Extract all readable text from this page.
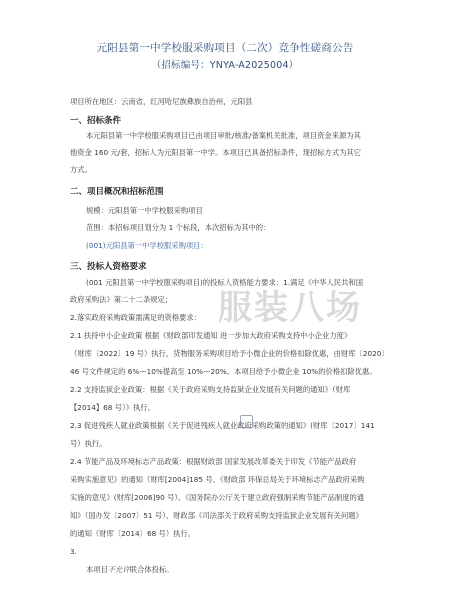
元阳县第一中学校服采购项目（二次）竞争性磋商公告
（招标编号：YNYA-A2025004）
项目所在地区：云南省，红河哈尼族彝族自治州，元阳县
一、招标条件
本元阳县第一中学校服采购项目已由项目审批/核准/备案机关批准，项目资金来源为其
他资金 160 元/套，招标人为元阳县第一中学。本项目已具备招标条件，现招标方式为其它
方式。
二、项目概况和招标范围
规模：元阳县第一中学校服采购项目
范围：本招标项目划分为 1 个标段，本次招标为其中的：
(001)元阳县第一中学校服采购项目：
三、投标人资格要求
(001 元阳县第一中学校服采购项目)的投标人资格能力要求：1.满足《中华人民共和国
政府采购法》第二十二条规定；
2.落实政府采购政策需满足的资格要求：
2.1 扶持中小企业政策 根据《财政部印发通知 进一步加大政府采购支持中小企业力度》
（财库〔2022〕19 号）执行，货物服务采购项目给予小微企业的价格扣除优惠，由财库〔2020〕
46 号文件规定的 6%—10%提高至 10%—20%。本项目给予小微企业 10%的价格扣除优惠。
2.2 支持监狱企业政策：根据《关于政府采购支持监狱企业发展有关问题的通知》（财库
【2014】68 号）》执行。
2.3 促进残疾人就业政策根据《关于促进残疾人就业政府采购政策的通知》(财库〔2017〕141
号）执行。
2.4 节能产品及环境标志产品政策：根据财政部 国家发展改革委关于印发《节能产品政府
采购实施意见》的通知（财库[2004]185 号、《财政部 环保总局关于环境标志产品政府采购
实施的意见》(财库[2006]90 号）、《国务院办公厅关于建立政府强制采购节能产品制度的通
知》（国办发〔2007〕51 号）、财政部《司法部关于政府采购支持监狱企业发展有关问题》
的通知（财库〔2014〕68 号）执行。
3.
本项目不允许联合体投标。
服装八场
